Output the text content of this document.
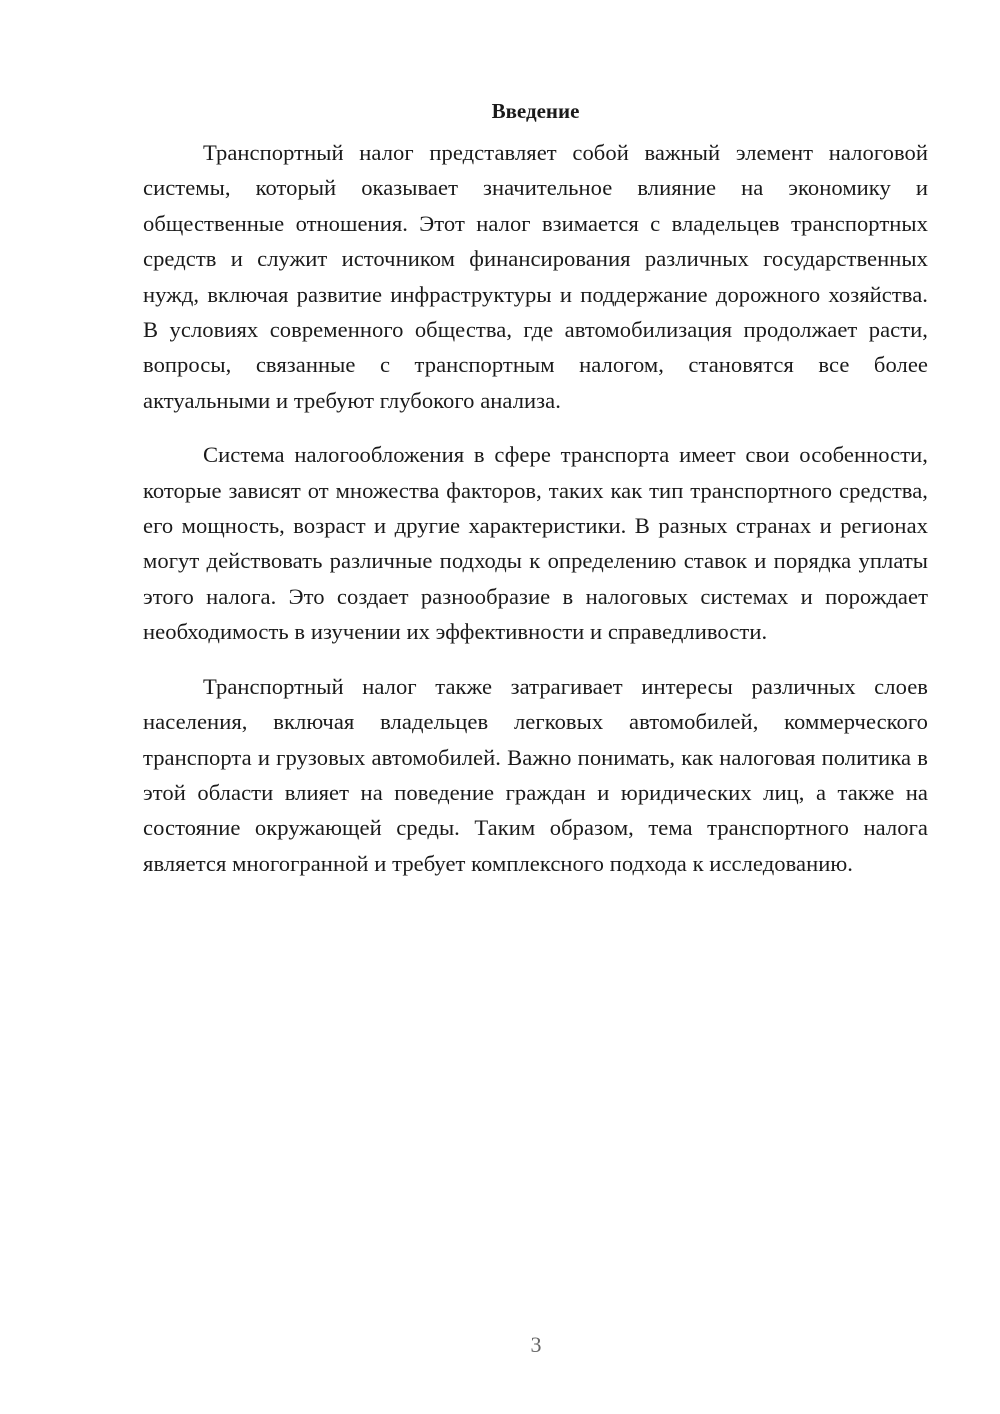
Введение

Транспортный налог представляет собой важный элемент налоговой системы, который оказывает значительное влияние на экономику и общественные отношения. Этот налог взимается с владельцев транспортных средств и служит источником финансирования различных государственных нужд, включая развитие инфраструктуры и поддержание дорожного хозяйства. В условиях современного общества, где автомобилизация продолжает расти, вопросы, связанные с транспортным налогом, становятся все более актуальными и требуют глубокого анализа.

Система налогообложения в сфере транспорта имеет свои особенности, которые зависят от множества факторов, таких как тип транспортного средства, его мощность, возраст и другие характеристики. В разных странах и регионах могут действовать различные подходы к определению ставок и порядка уплаты этого налога. Это создает разнообразие в налоговых системах и порождает необходимость в изучении их эффективности и справедливости.

Транспортный налог также затрагивает интересы различных слоев населения, включая владельцев легковых автомобилей, коммерческого транспорта и грузовых автомобилей. Важно понимать, как налоговая политика в этой области влияет на поведение граждан и юридических лиц, а также на состояние окружающей среды. Таким образом, тема транспортного налога является многогранной и требует комплексного подхода к исследованию.

3
